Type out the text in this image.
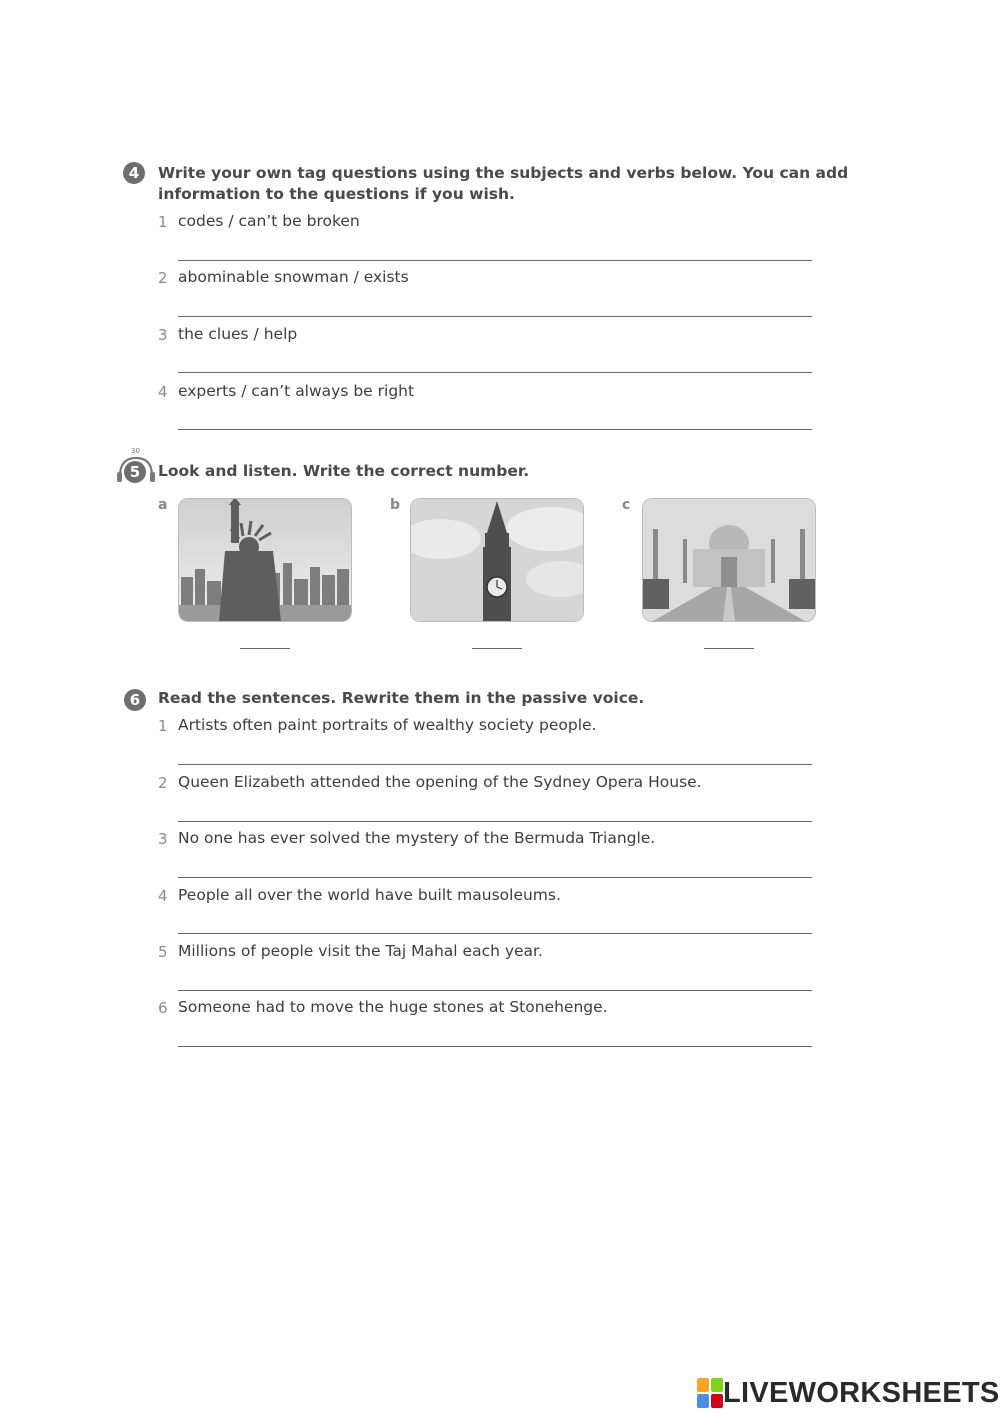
4	Write your own tag questions using the subjects and verbs below. You can add
information to the questions if you wish.
1 codes / can’t be broken
2 abominable snowman / exists
3 the clues / help
4 experts / can’t always be right
30
5	Look and listen. Write the correct number.
a	b	c
6	Read the sentences. Rewrite them in the passive voice.
1 Artists often paint portraits of wealthy society people.
2 Queen Elizabeth attended the opening of the Sydney Opera House.
3 No one has ever solved the mystery of the Bermuda Triangle.
4 People all over the world have built mausoleums.
5 Millions of people visit the Taj Mahal each year.
6 Someone had to move the huge stones at Stonehenge.
LIVEWORKSHEETS
